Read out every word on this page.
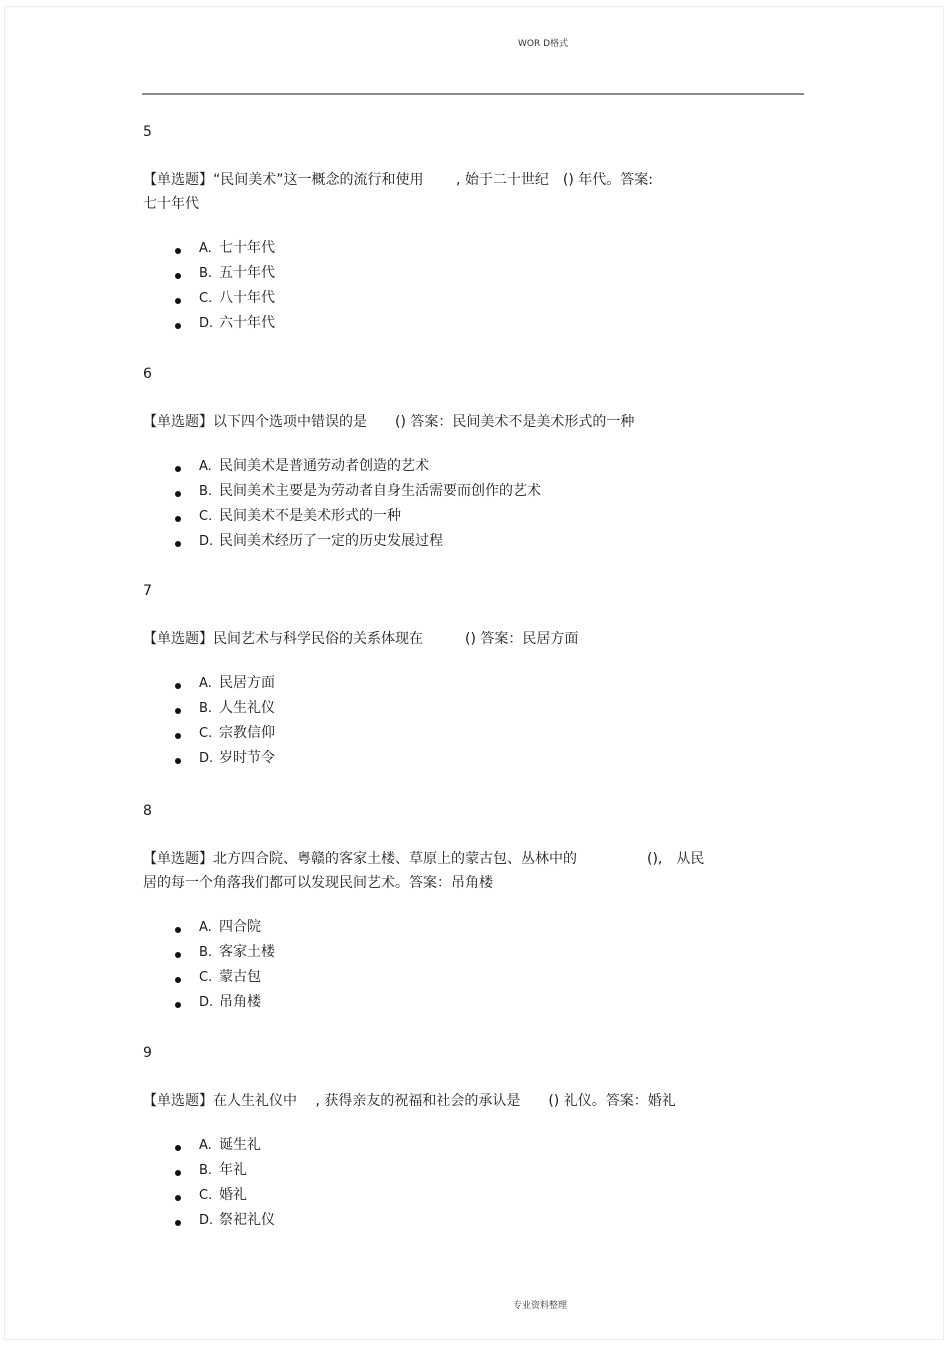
WOR D格式
5
【单选题】“民间美术”这一概念的流行和使用　　 , 始于二十世纪　() 年代。答案:
七十年代
A. 七十年代
B. 五十年代
C. 八十年代
D. 六十年代
6
【单选题】以下四个选项中错误的是　　() 答案：民间美术不是美术形式的一种
A. 民间美术是普通劳动者创造的艺术
B. 民间美术主要是为劳动者自身生活需要而创作的艺术
C. 民间美术不是美术形式的一种
D. 民间美术经历了一定的历史发展过程
7
【单选题】民间艺术与科学民俗的关系体现在　　　() 答案：民居方面
A. 民居方面
B. 人生礼仪
C. 宗教信仰
D. 岁时节令
8
【单选题】北方四合院、粤赣的客家土楼、草原上的蒙古包、丛林中的　　　　　(),　从民
居的每一个角落我们都可以发现民间艺术。答案：吊角楼
A. 四合院
B. 客家土楼
C. 蒙古包
D. 吊角楼
9
【单选题】在人生礼仪中　 , 获得亲友的祝福和社会的承认是　　() 礼仪。答案：婚礼
A. 诞生礼
B. 年礼
C. 婚礼
D. 祭祀礼仪
专业资料整理
